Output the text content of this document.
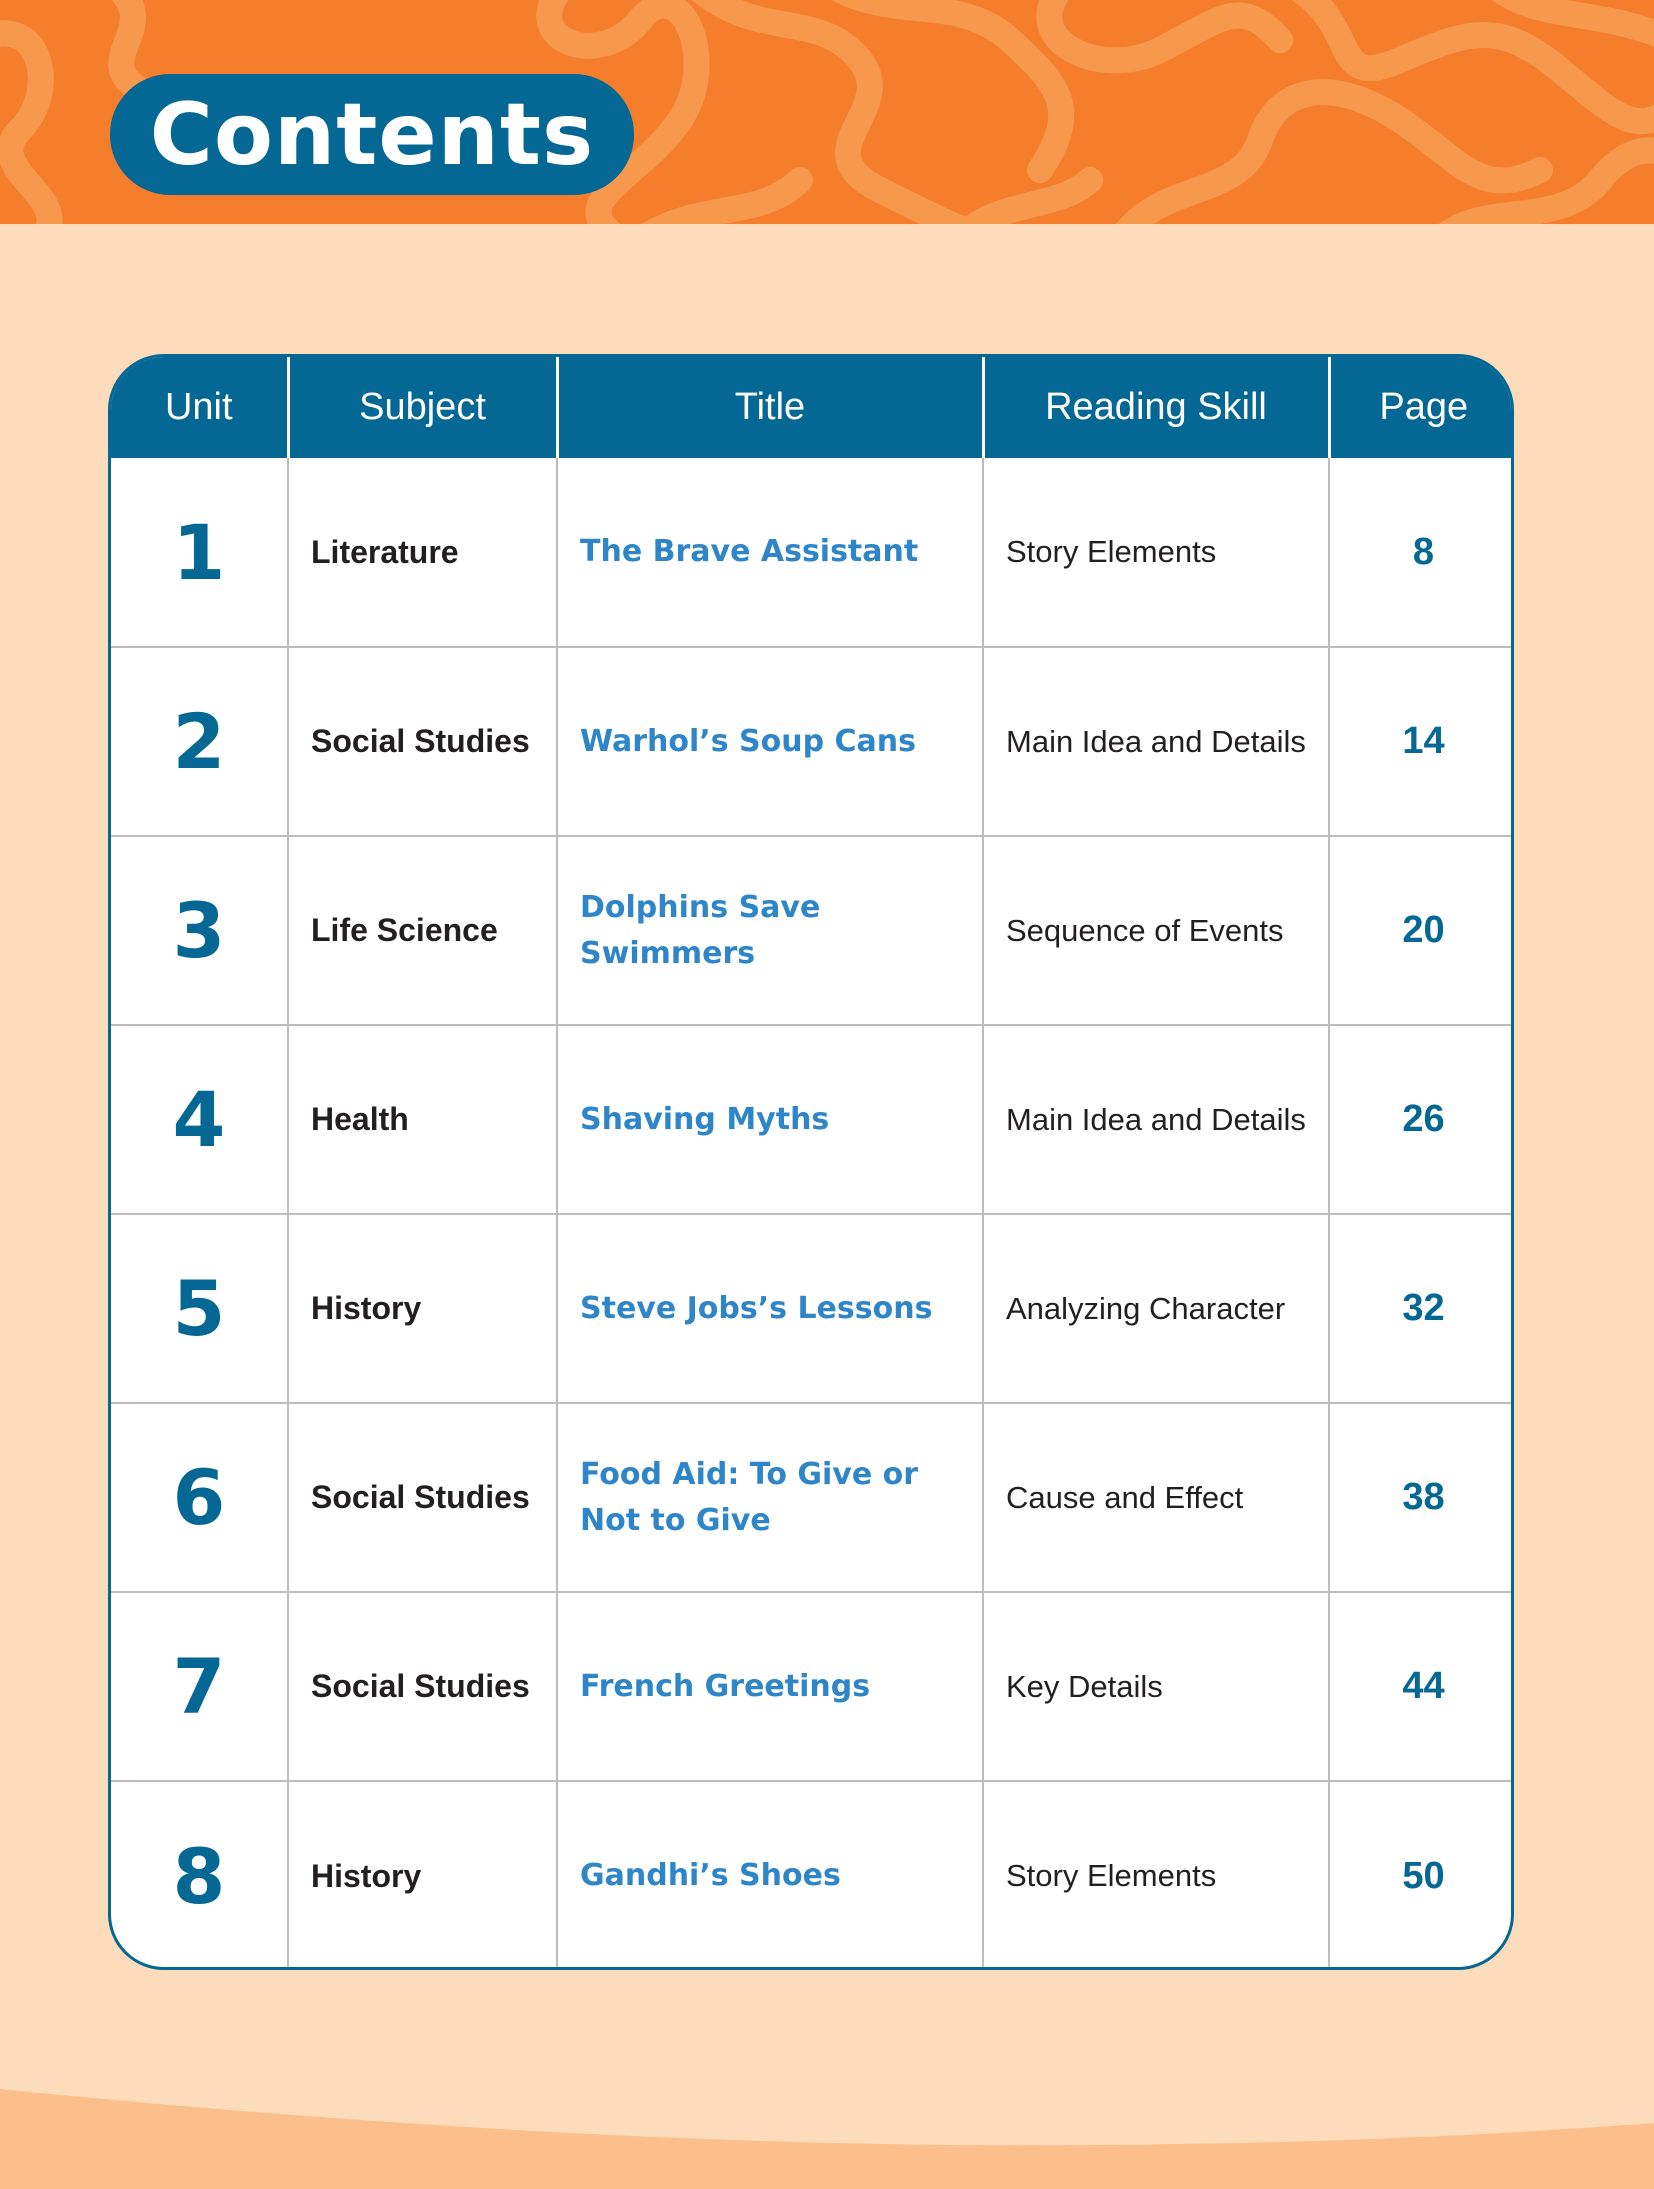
Contents
Unit	Subject	Title	Reading Skill	Page
1	Literature	The Brave Assistant	Story Elements	8
2	Social Studies	Warhol’s Soup Cans	Main Idea and Details	14
3	Life Science	Dolphins Save Swimmers	Sequence of Events	20
4	Health	Shaving Myths	Main Idea and Details	26
5	History	Steve Jobs’s Lessons	Analyzing Character	32
6	Social Studies	Food Aid: To Give or Not to Give	Cause and Effect	38
7	Social Studies	French Greetings	Key Details	44
8	History	Gandhi’s Shoes	Story Elements	50
